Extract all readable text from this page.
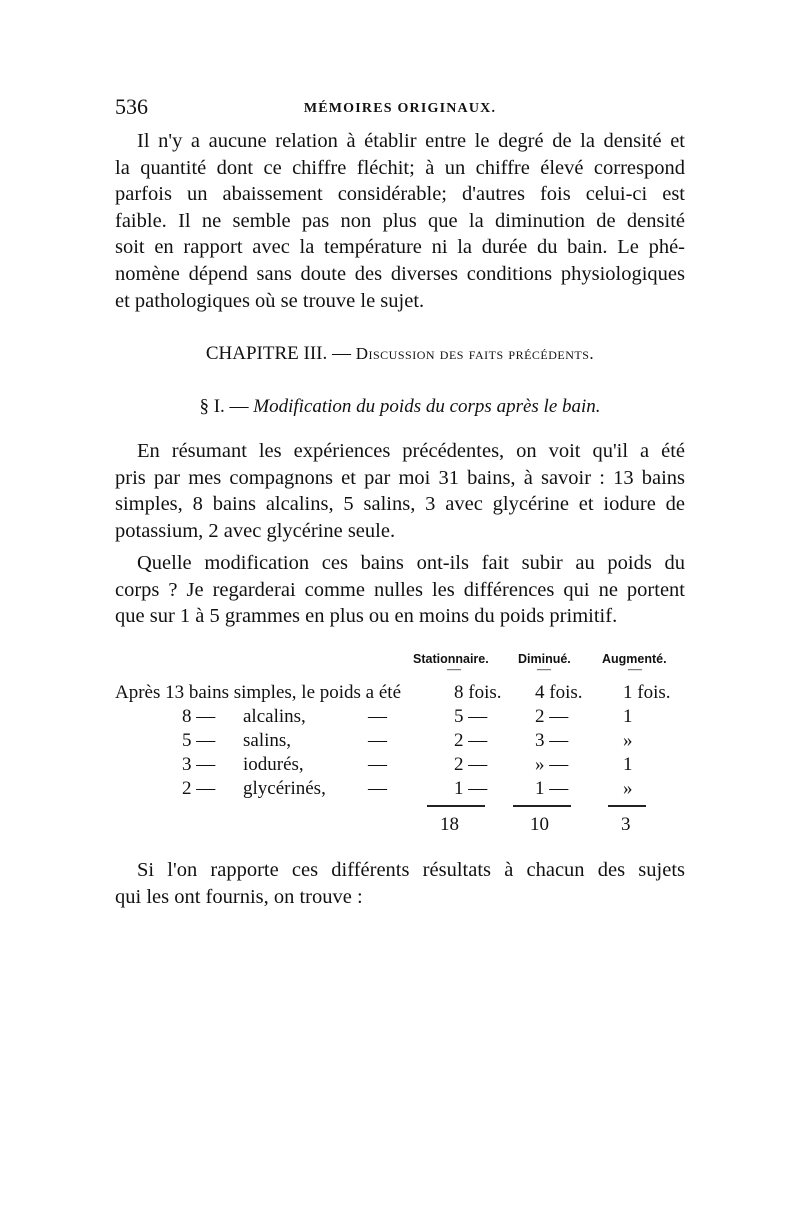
536	MÉMOIRES ORIGINAUX.
Il n'y a aucune relation à établir entre le degré de la densité et
la quantité dont ce chiffre fléchit; à un chiffre élevé correspond
parfois un abaissement considérable; d'autres fois celui-ci est
faible. Il ne semble pas non plus que la diminution de densité
soit en rapport avec la température ni la durée du bain. Le phé-
nomène dépend sans doute des diverses conditions physiologiques
et pathologiques où se trouve le sujet.
CHAPITRE III. — Discussion des faits précédents.
§ I. — Modification du poids du corps après le bain.
En résumant les expériences précédentes, on voit qu'il a été
pris par mes compagnons et par moi 31 bains, à savoir : 13 bains
simples, 8 bains alcalins, 5 salins, 3 avec glycérine et iodure de
potassium, 2 avec glycérine seule.
Quelle modification ces bains ont-ils fait subir au poids du
corps ? Je regarderai comme nulles les différences qui ne portent
que sur 1 à 5 grammes en plus ou en moins du poids primitif.
Stationnaire. Diminué. Augmenté.
—	—	—
Après 13 bains simples, le poids a été	8 fois. 4 fois. 1 fois.
8 — alcalins,	—	5 —	2 —	1
5 — salins,	—	2 —	3 —	»
3 — iodurés,	—	2 —	» —	1
2 — glycérinés, —	1 —	1 —	»
18	10	3
Si l'on rapporte ces différents résultats à chacun des sujets
qui les ont fournis, on trouve :
